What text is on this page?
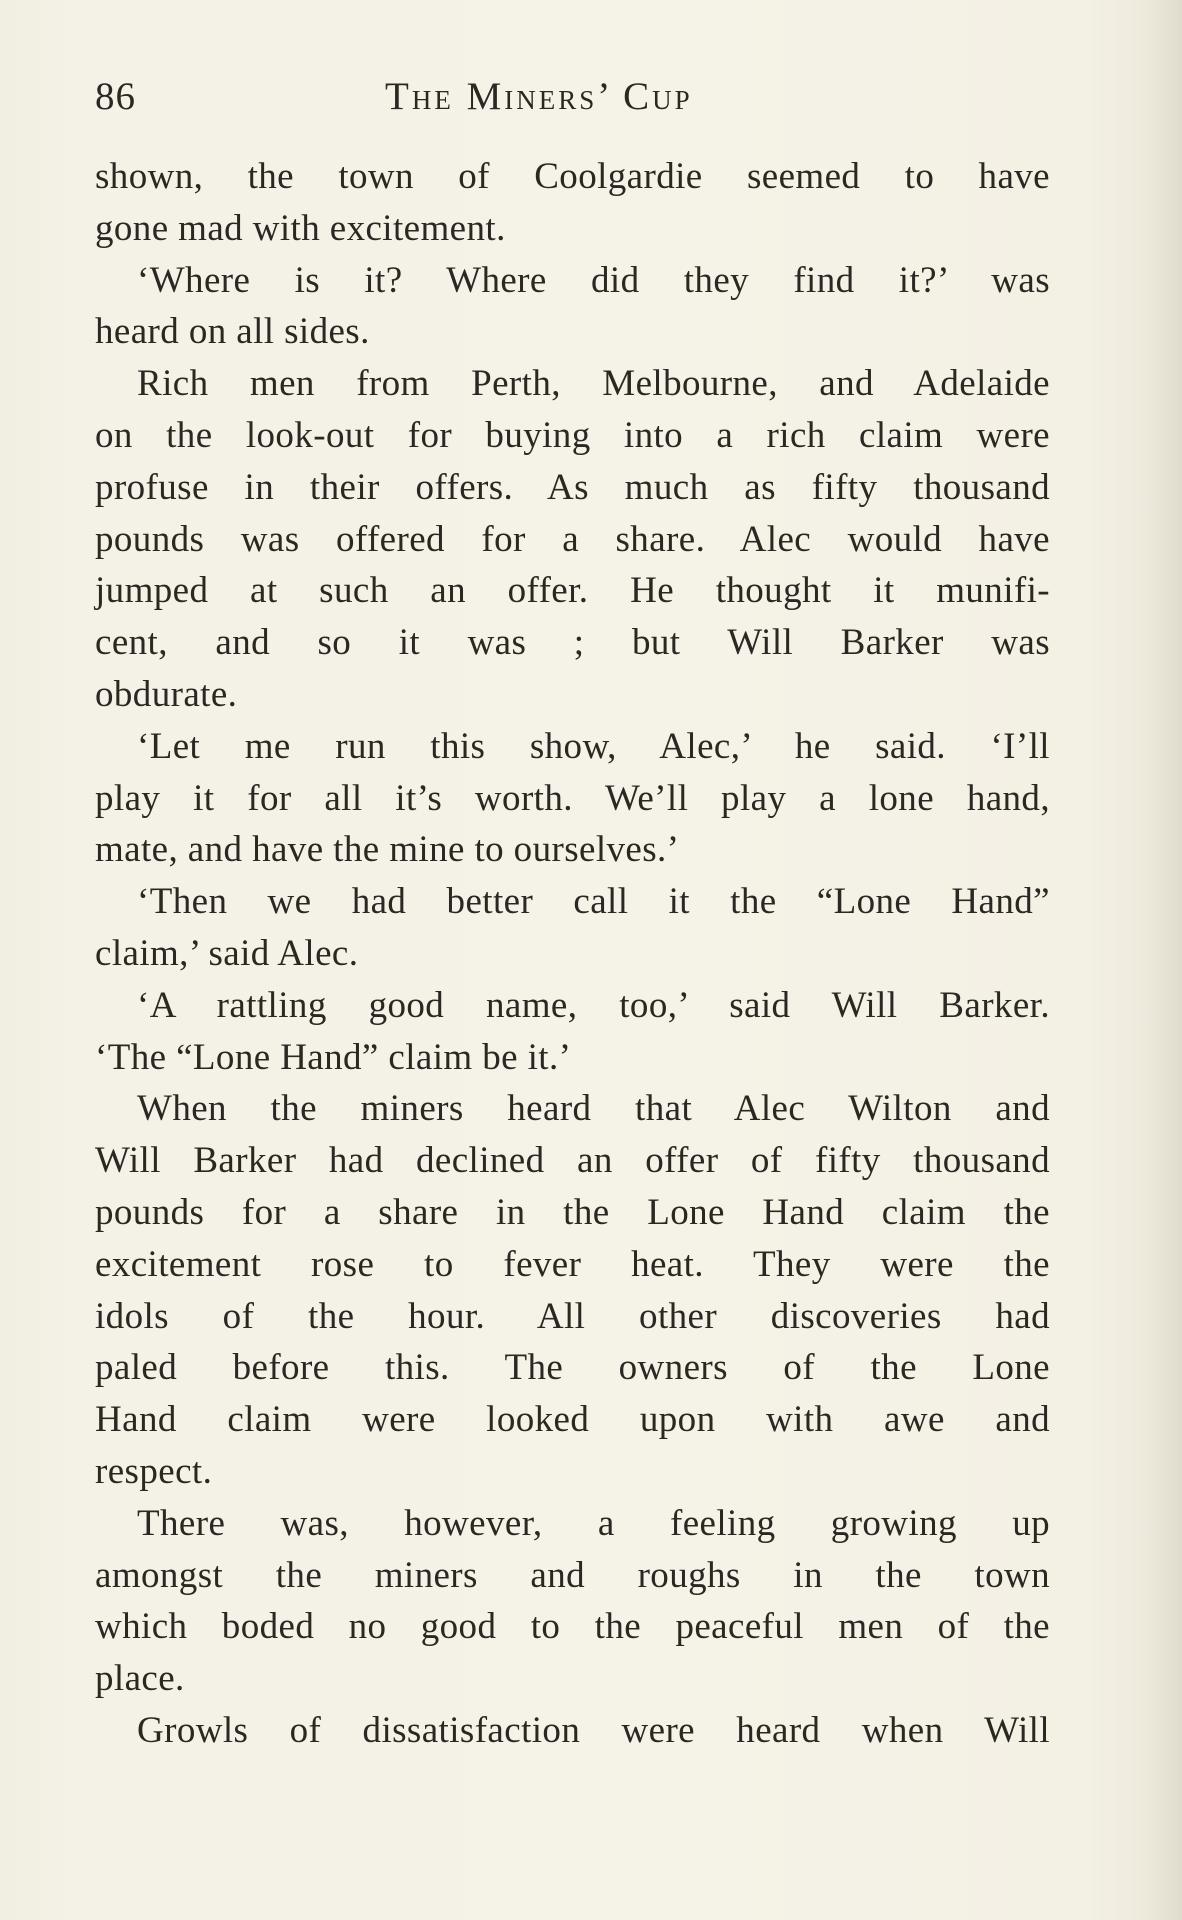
86	The Miners’ Cup
shown, the town of Coolgardie seemed to have
gone mad with excitement.
‘Where is it? Where did they find it?’ was
heard on all sides.
Rich men from Perth, Melbourne, and Adelaide
on the look-out for buying into a rich claim were
profuse in their offers. As much as fifty thousand
pounds was offered for a share. Alec would have
jumped at such an offer. He thought it munifi-
cent, and so it was ; but Will Barker was
obdurate.
‘Let me run this show, Alec,’ he said. ‘I’ll
play it for all it’s worth. We’ll play a lone hand,
mate, and have the mine to ourselves.’
‘Then we had better call it the “Lone Hand”
claim,’ said Alec.
‘A rattling good name, too,’ said Will Barker.
‘The “Lone Hand” claim be it.’
When the miners heard that Alec Wilton and
Will Barker had declined an offer of fifty thousand
pounds for a share in the Lone Hand claim the
excitement rose to fever heat. They were the
idols of the hour. All other discoveries had
paled before this. The owners of the Lone
Hand claim were looked upon with awe and
respect.
There was, however, a feeling growing up
amongst the miners and roughs in the town
which boded no good to the peaceful men of the
place.
Growls of dissatisfaction were heard when Will
